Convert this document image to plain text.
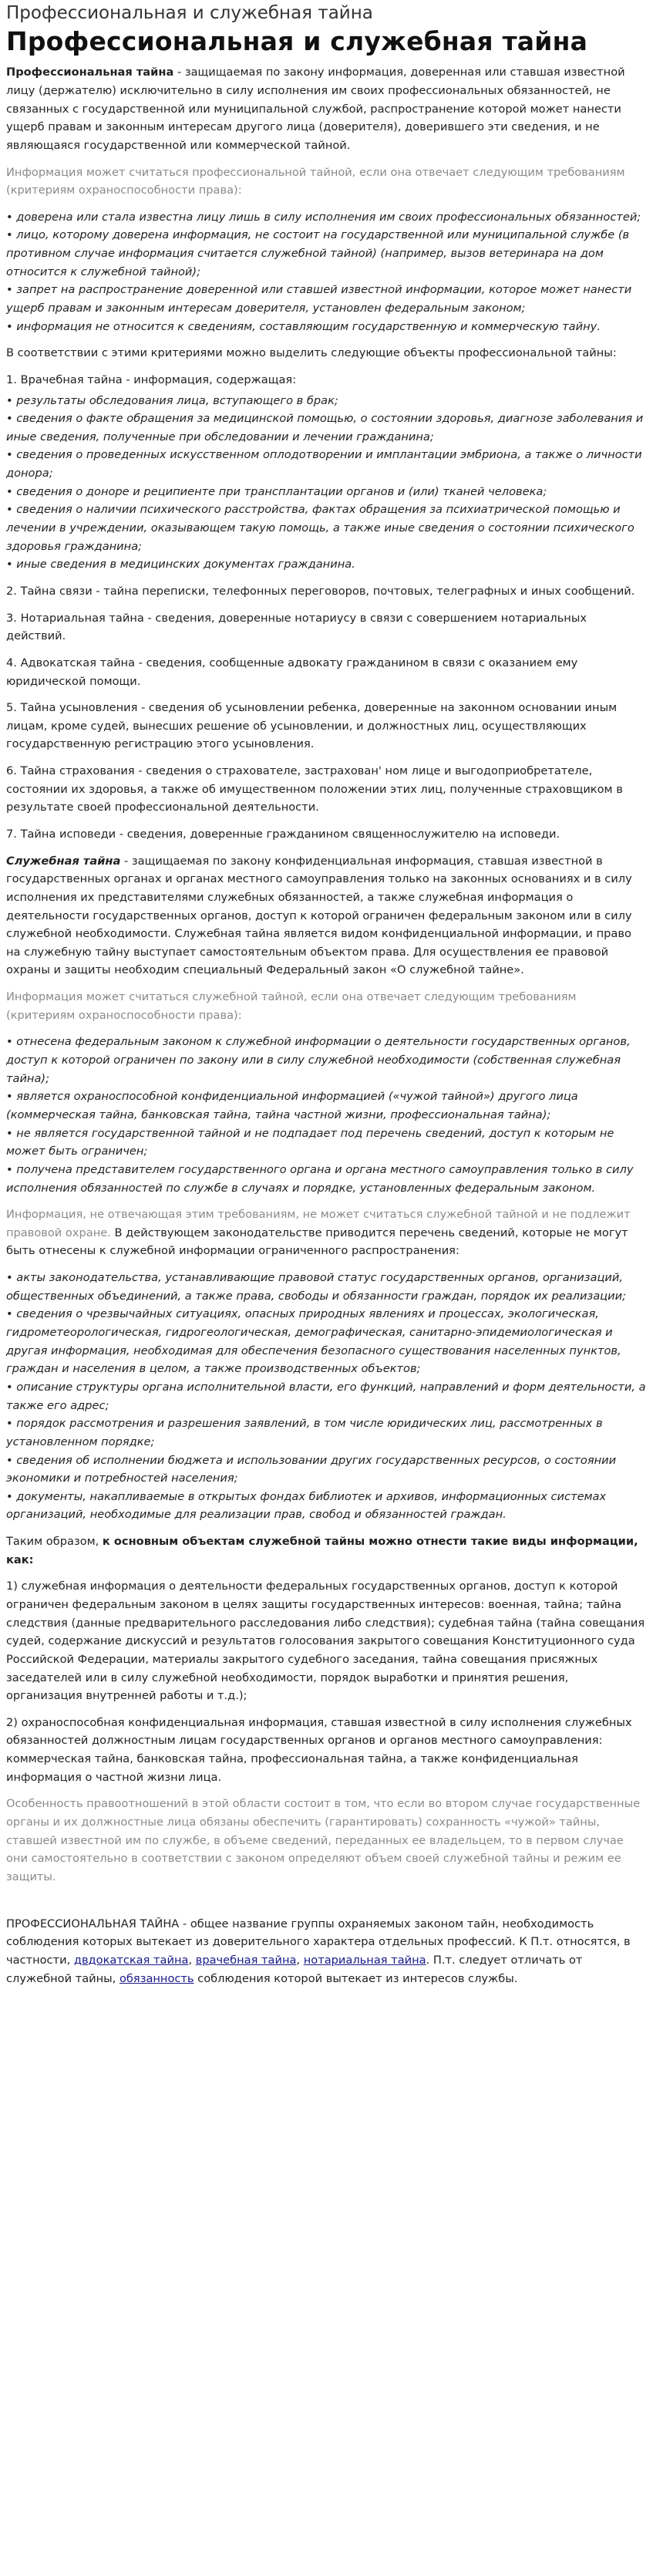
Профессиональная и служебная тайна
Профессиональная и служебная тайна

Профессиональная тайна - защищаемая по закону информация, доверенная или ставшая известной лицу (держателю) исключительно в силу исполнения им своих профессиональных обязанностей, не связанных с государственной или муниципальной службой, распространение которой может нанести ущерб правам и законным интересам другого лица (доверителя), доверившего эти сведения, и не являющаяся государственной или коммерческой тайной.

Информация может считаться профессиональной тайной, если она отвечает следующим требованиям (критериям охраноспособности права):

• доверена или стала известна лицу лишь в силу исполнения им своих профессиональных обязанностей;
• лицо, которому доверена информация, не состоит на государственной или муниципальной службе (в противном случае информация считается служебной тайной) (например, вызов ветеринара на дом относится к служебной тайной);
• запрет на распространение доверенной или ставшей известной информации, которое может нанести ущерб правам и законным интересам доверителя, установлен федеральным законом;
• информация не относится к сведениям, составляющим государственную и коммерческую тайну.

В соответствии с этими критериями можно выделить следующие объекты профессиональной тайны:

1. Врачебная тайна - информация, содержащая:

• результаты обследования лица, вступающего в брак;
• сведения о факте обращения за медицинской помощью, о состоянии здоровья, диагнозе заболевания и иные сведения, полученные при обследовании и лечении гражданина;
• сведения о проведенных искусственном оплодотворении и имплантации эмбриона, а также о личности донора;
• сведения о доноре и реципиенте при трансплантации органов и (или) тканей человека;
• сведения о наличии психического расстройства, фактах обращения за психиатрической помощью и лечении в учреждении, оказывающем такую помощь, а также иные сведения о состоянии психического здоровья гражданина;
• иные сведения в медицинских документах гражданина.

2. Тайна связи - тайна переписки, телефонных переговоров, почтовых, телеграфных и иных сообщений.

3. Нотариальная тайна - сведения, доверенные нотариусу в связи с совершением нотариальных действий.

4. Адвокатская тайна - сведения, сообщенные адвокату гражданином в связи с оказанием ему юридической помощи.

5. Тайна усыновления - сведения об усыновлении ребенка, доверенные на законном основании иным лицам, кроме судей, вынесших решение об усыновлении, и должностных лиц, осуществляющих государственную регистрацию этого усыновления.

6. Тайна страхования - сведения о страхователе, застрахован' ном лице и выгодоприобретателе, состоянии их здоровья, а также об имущественном положении этих лиц, полученные страховщиком в результате своей профессиональной деятельности.

7. Тайна исповеди - сведения, доверенные гражданином священнослужителю на исповеди.

Служебная тайна - защищаемая по закону конфиденциальная информация, ставшая известной в государственных органах и органах местного самоуправления только на законных основаниях и в силу исполнения их представителями служебных обязанностей, а также служебная информация о деятельности государственных органов, доступ к которой ограничен федеральным законом или в силу служебной необходимости. Служебная тайна является видом конфиденциальной информации, и право на служебную тайну выступает самостоятельным объектом права. Для осуществления ее правовой охраны и защиты необходим специальный Федеральный закон «О служебной тайне».

Информация может считаться служебной тайной, если она отвечает следующим требованиям (критериям охраноспособности права):

• отнесена федеральным законом к служебной информации о деятельности государственных органов, доступ к которой ограничен по закону или в силу служебной необходимости (собственная служебная тайна);
• является охраноспособной конфиденциальной информацией («чужой тайной») другого лица (коммерческая тайна, банковская тайна, тайна частной жизни, профессиональная тайна);
• не является государственной тайной и не подпадает под перечень сведений, доступ к которым не может быть ограничен;
• получена представителем государственного органа и органа местного самоуправления только в силу исполнения обязанностей по службе в случаях и порядке, установленных федеральным законом.

Информация, не отвечающая этим требованиям, не может считаться служебной тайной и не подлежит правовой охране. В действующем законодательстве приводится перечень сведений, которые не могут быть отнесены к служебной информации ограниченного распространения:

• акты законодательства, устанавливающие правовой статус государственных органов, организаций, общественных объединений, а также права, свободы и обязанности граждан, порядок их реализации;
• сведения о чрезвычайных ситуациях, опасных природных явлениях и процессах, экологическая, гидрометеорологическая, гидрогеологическая, демографическая, санитарно-эпидемиологическая и другая информация, необходимая для обеспечения безопасного существования населенных пунктов, граждан и населения в целом, а также производственных объектов;
• описание структуры органа исполнительной власти, его функций, направлений и форм деятельности, а также его адрес;
• порядок рассмотрения и разрешения заявлений, в том числе юридических лиц, рассмотренных в установленном порядке;
• сведения об исполнении бюджета и использовании других государственных ресурсов, о состоянии экономики и потребностей населения;
• документы, накапливаемые в открытых фондах библиотек и архивов, информационных системах организаций, необходимые для реализации прав, свобод и обязанностей граждан.

Таким образом, к основным объектам служебной тайны можно отнести такие виды информации, как:

1) служебная информация о деятельности федеральных государственных органов, доступ к которой ограничен федеральным законом в целях защиты государственных интересов: военная, тайна; тайна следствия (данные предварительного расследования либо следствия); судебная тайна (тайна совещания судей, содержание дискуссий и результатов голосования закрытого совещания Конституционного суда Российской Федерации, материалы закрытого судебного заседания, тайна совещания присяжных заседателей или в силу служебной необходимости, порядок выработки и принятия решения, организация внутренней работы и т.д.);

2) охраноспособная конфиденциальная информация, ставшая известной в силу исполнения служебных обязанностей должностным лицам государственных органов и органов местного самоуправления: коммерческая тайна, банковская тайна, профессиональная тайна, а также конфиденциальная информация о частной жизни лица.

Особенность правоотношений в этой области состоит в том, что если во втором случае государственные органы и их должностные лица обязаны обеспечить (гарантировать) сохранность «чужой» тайны, ставшей известной им по службе, в объеме сведений, переданных ее владельцем, то в первом случае они самостоятельно в соответствии с законом определяют объем своей служебной тайны и режим ее защиты.

ПРОФЕССИОНАЛЬНАЯ ТАЙНА - общее название группы охраняемых законом тайн, необходимость соблюдения которых вытекает из доверительного характера отдельных профессий. К П.т. относятся, в частности, двдокатская тайна, врачебная тайна, нотариальная тайна. П.т. следует отличать от служебной тайны, обязанность соблюдения которой вытекает из интересов службы.
